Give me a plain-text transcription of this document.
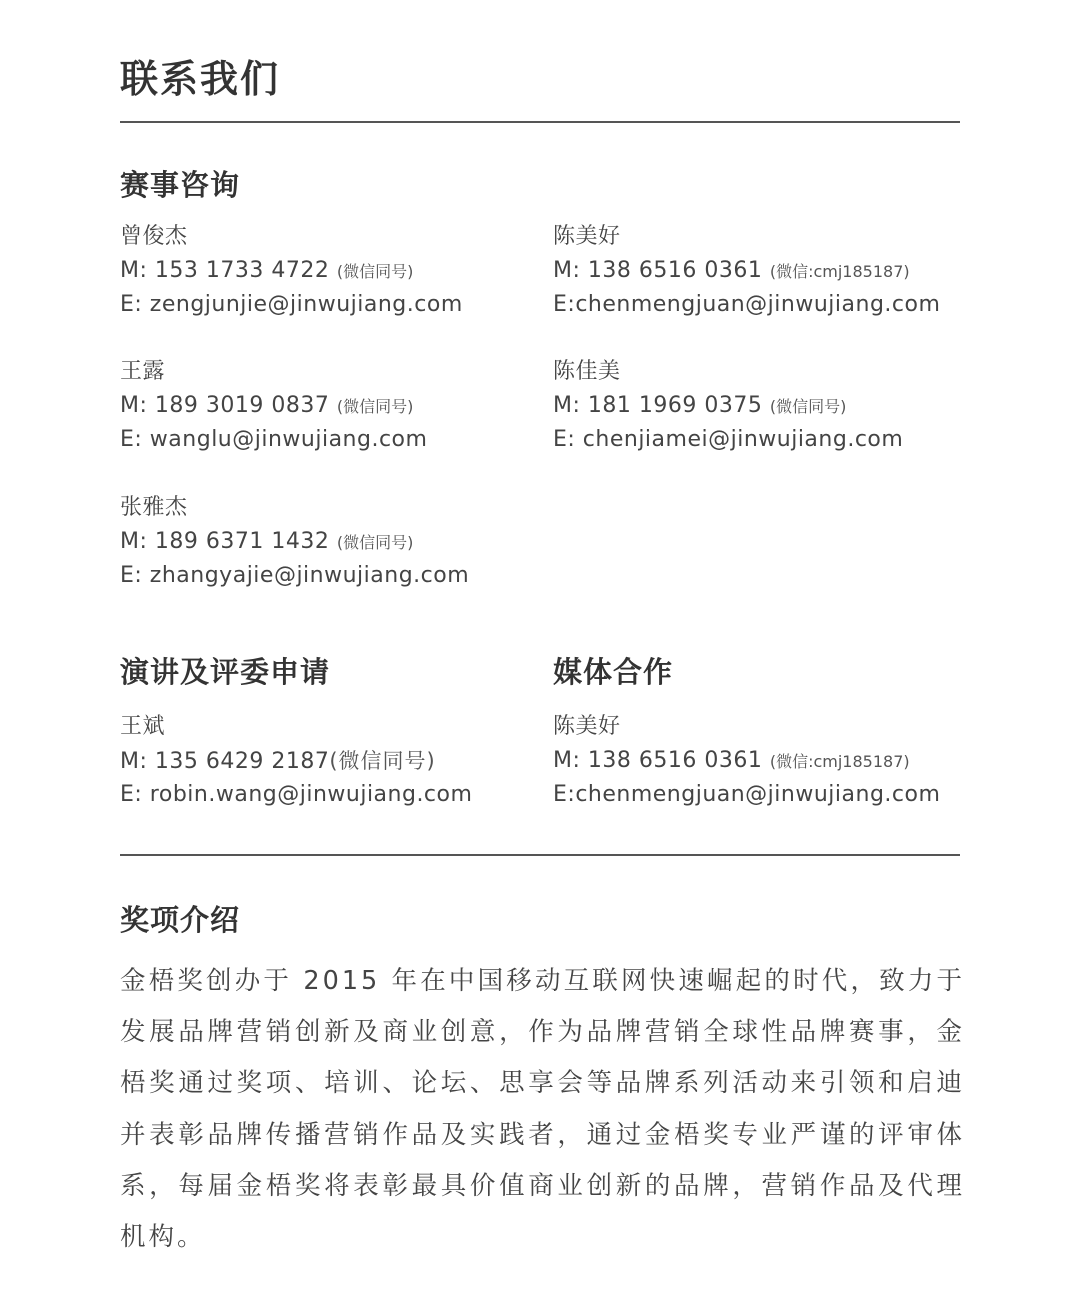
联系我们
赛事咨询
曾俊杰
M: 153 1733 4722 (微信同号)
E: zengjunjie@jinwujiang.com
陈美好
M: 138 6516 0361 (微信:cmj185187)
E:chenmengjuan@jinwujiang.com
王露
M: 189 3019 0837 (微信同号)
E: wanglu@jinwujiang.com
陈佳美
M: 181 1969 0375 (微信同号)
E: chenjiamei@jinwujiang.com
张雅杰
M: 189 6371 1432 (微信同号)
E: zhangyajie@jinwujiang.com
演讲及评委申请
王斌
M: 135 6429 2187(微信同号)
E: robin.wang@jinwujiang.com
媒体合作
陈美好
M: 138 6516 0361 (微信:cmj185187)
E:chenmengjuan@jinwujiang.com
奖项介绍
金梧奖创办于 2015 年在中国移动互联网快速崛起的时代，致力于发展品牌营销创新及商业创意，作为品牌营销全球性品牌赛事，金梧奖通过奖项、培训、论坛、思享会等品牌系列活动来引领和启迪并表彰品牌传播营销作品及实践者，通过金梧奖专业严谨的评审体系，每届金梧奖将表彰最具价值商业创新的品牌，营销作品及代理机构。
